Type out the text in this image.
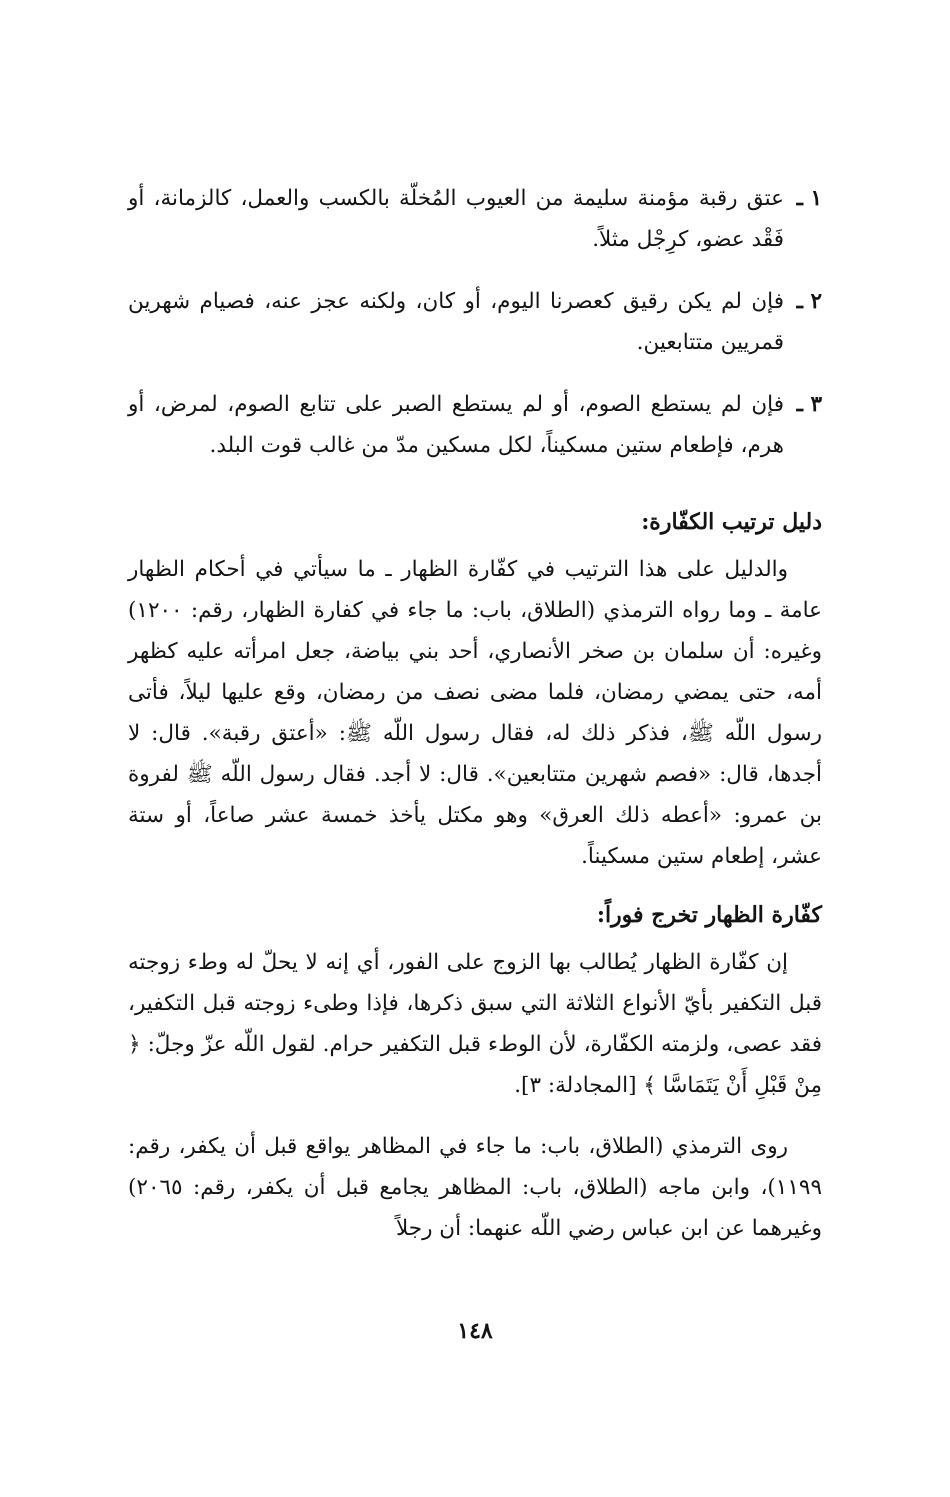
١ ـ
عتق رقبة مؤمنة سليمة من العيوب المُخلّة بالكسب والعمل، كالزمانة، أو فَقْد عضو، كرِجْل مثلاً.
٢ ـ
فإن لم يكن رقيق كعصرنا اليوم، أو كان، ولكنه عجز عنه، فصيام شهرين قمريين متتابعين.
٣ ـ
فإن لم يستطع الصوم، أو لم يستطع الصبر على تتابع الصوم، لمرض، أو هرم، فإطعام ستين مسكيناً، لكل مسكين مدّ من غالب قوت البلد.

دليل ترتيب الكفّارة:

والدليل على هذا الترتيب في كفّارة الظهار ـ ما سيأتي في أحكام الظهار عامة ـ وما رواه الترمذي (الطلاق، باب: ما جاء في كفارة الظهار، رقم: ١٢٠٠) وغيره: أن سلمان بن صخر الأنصاري، أحد بني بياضة، جعل امرأته عليه كظهر أمه، حتى يمضي رمضان، فلما مضى نصف من رمضان، وقع عليها ليلاً، فأتى رسول اللّه ﷺ، فذكر ذلك له، فقال رسول اللّه ﷺ: «أعتق رقبة». قال: لا أجدها، قال: «فصم شهرين متتابعين». قال: لا أجد. فقال رسول اللّه ﷺ لفروة بن عمرو: «أعطه ذلك العرق» وهو مكتل يأخذ خمسة عشر صاعاً، أو ستة عشر، إطعام ستين مسكيناً.

كفّارة الظهار تخرج فوراً:

إن كفّارة الظهار يُطالب بها الزوج على الفور، أي إنه لا يحلّ له وطء زوجته قبل التكفير بأيّ الأنواع الثلاثة التي سبق ذكرها، فإذا وطىء زوجته قبل التكفير، فقد عصى، ولزمته الكفّارة، لأن الوطء قبل التكفير حرام. لقول اللّه عزّ وجلّ: ﴿ مِنْ قَبْلِ أَنْ يَتَمَاسَّا ﴾ [المجادلة: ٣].

روى الترمذي (الطلاق، باب: ما جاء في المظاهر يواقع قبل أن يكفر، رقم: ١١٩٩)، وابن ماجه (الطلاق، باب: المظاهر يجامع قبل أن يكفر، رقم: ٢٠٦٥) وغيرهما عن ابن عباس رضي اللّه عنهما: أن رجلاً

١٤٨
